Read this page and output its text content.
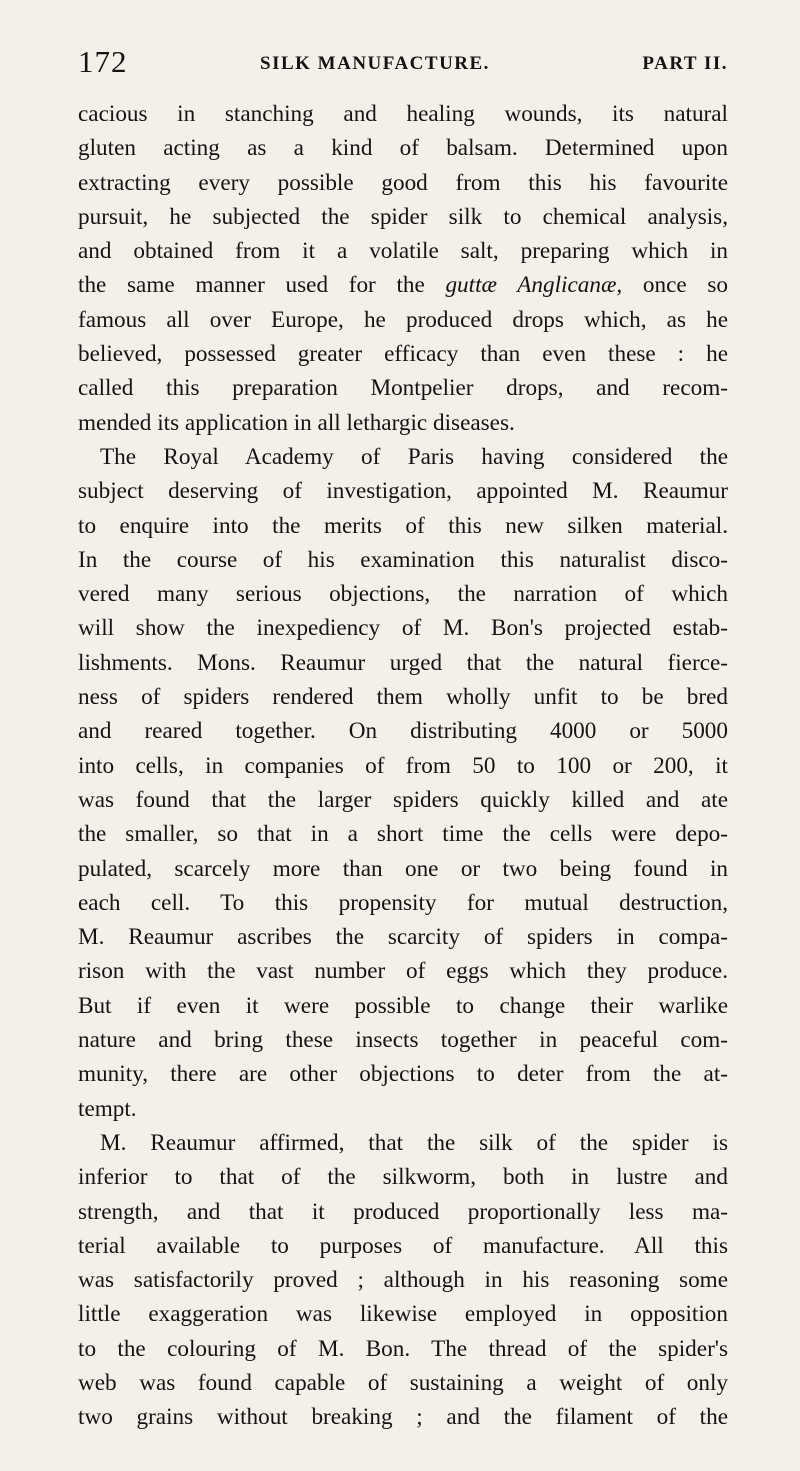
172	SILK MANUFACTURE.	PART II.
cacious in stanching and healing wounds, its natural
gluten acting as a kind of balsam. Determined upon
extracting every possible good from this his favourite
pursuit, he subjected the spider silk to chemical analysis,
and obtained from it a volatile salt, preparing which in
the same manner used for the guttæ Anglicanæ, once so
famous all over Europe, he produced drops which, as he
believed, possessed greater efficacy than even these : he
called this preparation Montpelier drops, and recom-
mended its application in all lethargic diseases.
The Royal Academy of Paris having considered the
subject deserving of investigation, appointed M. Reaumur
to enquire into the merits of this new silken material.
In the course of his examination this naturalist disco-
vered many serious objections, the narration of which
will show the inexpediency of M. Bon's projected estab-
lishments. Mons. Reaumur urged that the natural fierce-
ness of spiders rendered them wholly unfit to be bred
and reared together. On distributing 4000 or 5000
into cells, in companies of from 50 to 100 or 200, it
was found that the larger spiders quickly killed and ate
the smaller, so that in a short time the cells were depo-
pulated, scarcely more than one or two being found in
each cell. To this propensity for mutual destruction,
M. Reaumur ascribes the scarcity of spiders in compa-
rison with the vast number of eggs which they produce.
But if even it were possible to change their warlike
nature and bring these insects together in peaceful com-
munity, there are other objections to deter from the at-
tempt.
M. Reaumur affirmed, that the silk of the spider is
inferior to that of the silkworm, both in lustre and
strength, and that it produced proportionally less ma-
terial available to purposes of manufacture. All this
was satisfactorily proved ; although in his reasoning some
little exaggeration was likewise employed in opposition
to the colouring of M. Bon. The thread of the spider's
web was found capable of sustaining a weight of only
two grains without breaking ; and the filament of the
